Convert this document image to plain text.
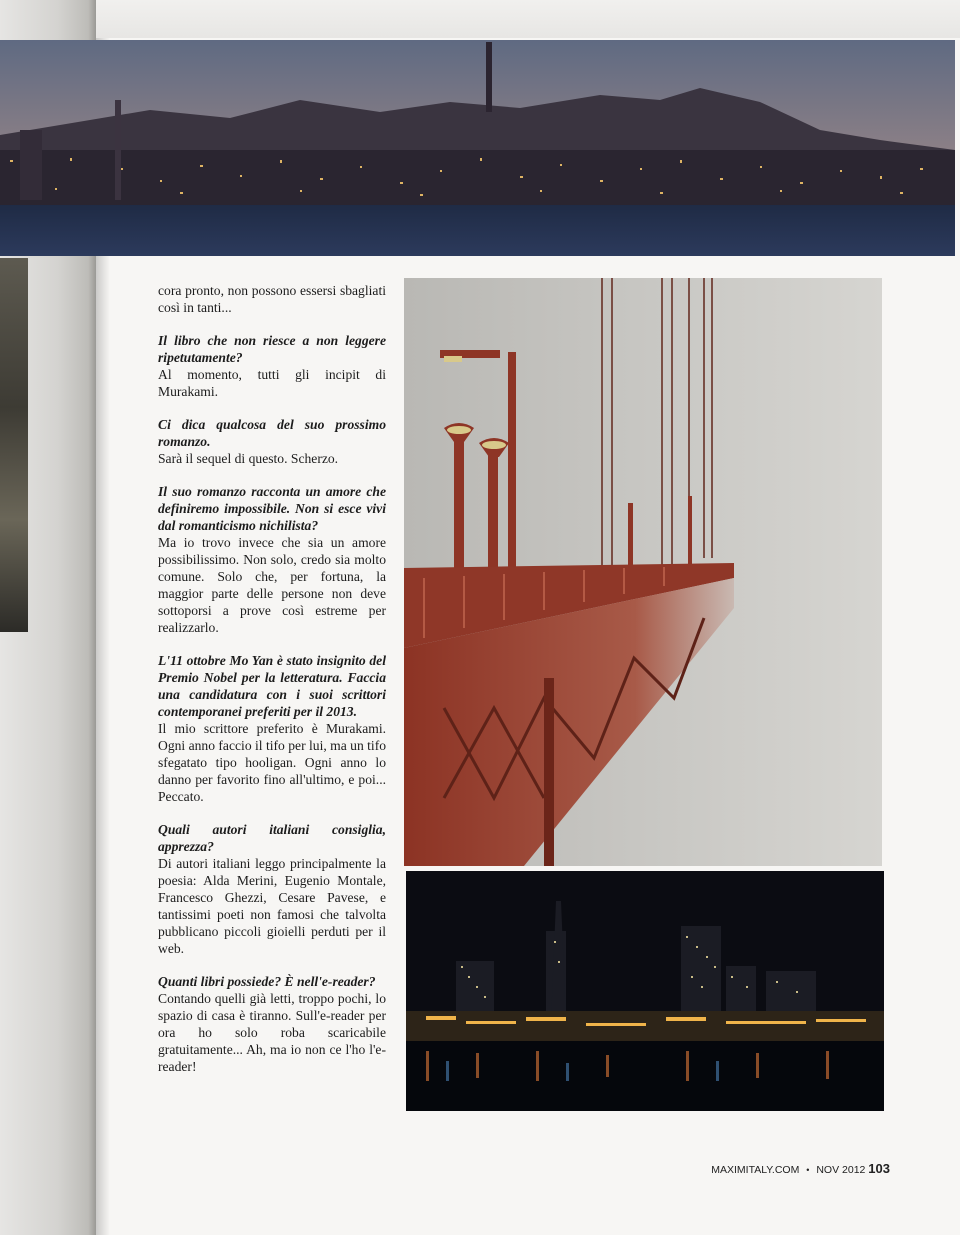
cora pronto, non possono essersi sbagliati così in tanti...

Il libro che non riesce a non leggere ripetutamente?
Al momento, tutti gli incipit di Murakami.

Ci dica qualcosa del suo prossimo romanzo.
Sarà il sequel di questo. Scherzo.

Il suo romanzo racconta un amore che definiremo impossibile. Non si esce vivi dal romanticismo nichilista?
Ma io trovo invece che sia un amore possibilissimo. Non solo, credo sia molto comune. Solo che, per fortuna, la maggior parte delle persone non deve sottoporsi a prove così estreme per realizzarlo.

L'11 ottobre Mo Yan è stato insignito del Premio Nobel per la letteratura. Faccia una candidatura con i suoi scrittori contemporanei preferiti per il 2013.
Il mio scrittore preferito è Murakami. Ogni anno faccio il tifo per lui, ma un tifo sfegatato tipo hooligan. Ogni anno lo danno per favorito fino all'ultimo, e poi... Peccato.

Quali autori italiani consiglia, apprezza?
Di autori italiani leggo principalmente la poesia: Alda Merini, Eugenio Montale, Francesco Ghezzi, Cesare Pavese, e tantissimi poeti non famosi che talvolta pubblicano piccoli gioielli perduti per il web.

Quanti libri possiede? È nell'e-reader?
Contando quelli già letti, troppo pochi, lo spazio di casa è tiranno. Sull'e-reader per ora ho solo roba scaricabile gratuitamente... Ah, ma io non ce l'ho l'e-reader!

MAXIMITALY.COM • NOV 2012 103
